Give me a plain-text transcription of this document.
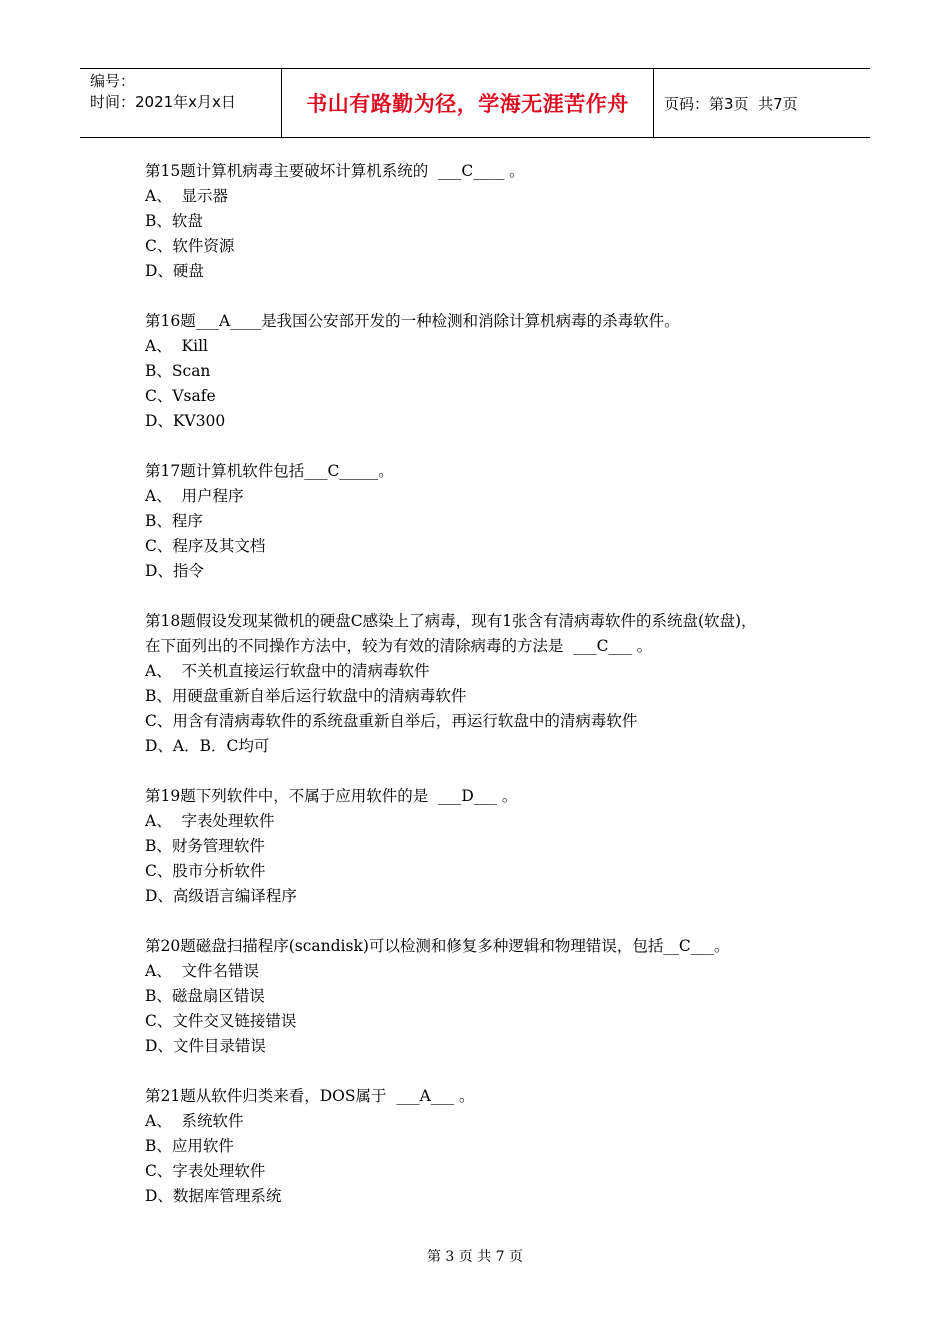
编号：
时间：2021年x月x日	书山有路勤为径，学海无涯苦作舟	页码：第3页  共7页
第15题计算机病毒主要破坏计算机系统的  ___C____ 。
A、  显示器
B、软盘
C、软件资源
D、硬盘
第16题___A____是我国公安部开发的一种检测和消除计算机病毒的杀毒软件。
A、  Kill
B、Scan
C、Vsafe
D、KV300
第17题计算机软件包括___C_____。
A、  用户程序
B、程序
C、程序及其文档
D、指令
第18题假设发现某微机的硬盘C感染上了病毒，现有1张含有清病毒软件的系统盘(软盘)，
在下面列出的不同操作方法中，较为有效的清除病毒的方法是  ___C___ 。
A、  不关机直接运行软盘中的清病毒软件
B、用硬盘重新自举后运行软盘中的清病毒软件
C、用含有清病毒软件的系统盘重新自举后，再运行软盘中的清病毒软件
D、A．B．C均可
第19题下列软件中，不属于应用软件的是  ___D___ 。
A、  字表处理软件
B、财务管理软件
C、股市分析软件
D、高级语言编译程序
第20题磁盘扫描程序(scandisk)可以检测和修复多种逻辑和物理错误，包括__C___。
A、  文件名错误
B、磁盘扇区错误
C、文件交叉链接错误
D、文件目录错误
第21题从软件归类来看，DOS属于  ___A___ 。
A、  系统软件
B、应用软件
C、字表处理软件
D、数据库管理系统
第 3 页 共 7 页
